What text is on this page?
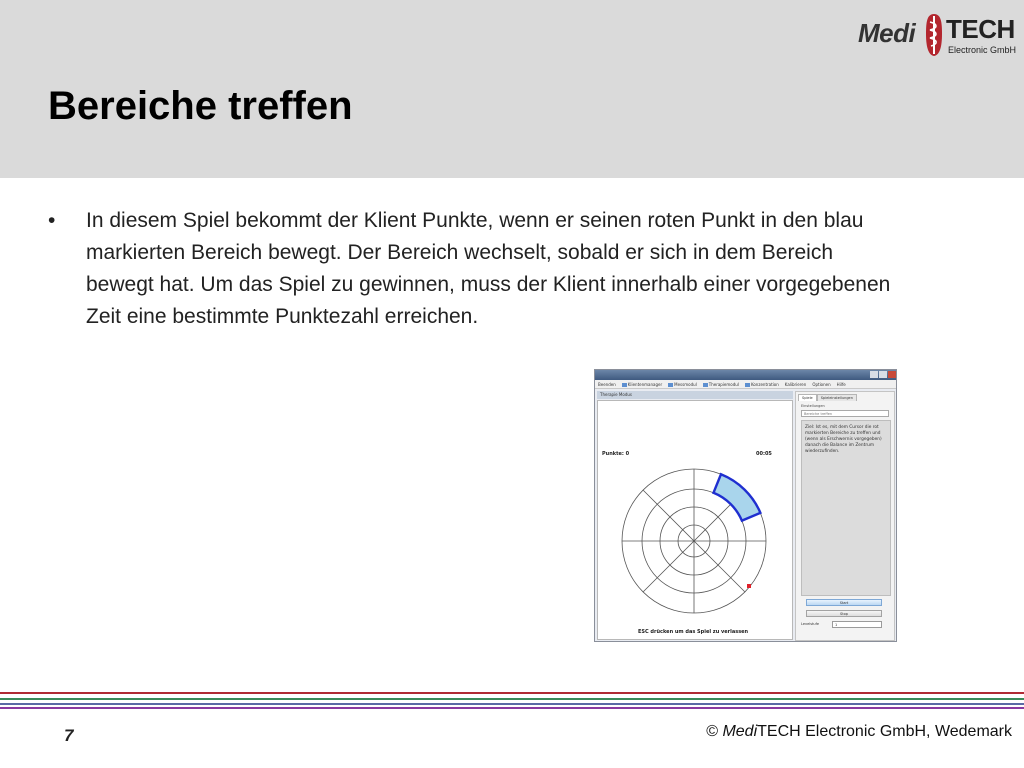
Bereiche treffen
Medi TECH
Electronic GmbH
•	In diesem Spiel bekommt der Klient Punkte, wenn er seinen roten Punkt in den blau markierten Bereich bewegt. Der Bereich wechselt, sobald er sich in dem Bereich bewegt hat. Um das Spiel zu gewinnen, muss der Klient innerhalb einer vorgegebenen Zeit eine bestimmte Punktezahl erreichen.
Beenden	Klientenmanager	Messmodul	Therapiemodul	Konzentration Kalibrieren Optionen Hilfe
Therapie Modus
Punkte: 0	00:05
ESC drücken um das Spiel zu verlassen
Spiele	Spieleinstellungen
Einstellungen
Bereiche treffen
Ziel: Ist es, mit dem Cursor die rot markierten Bereiche zu treffen und (wenn als Erschwernis vorgegeben) danach die Balance im Zentrum wiederzufinden.
Start
Stop
Levelstufe	1
7	© MediTECH Electronic GmbH, Wedemark
